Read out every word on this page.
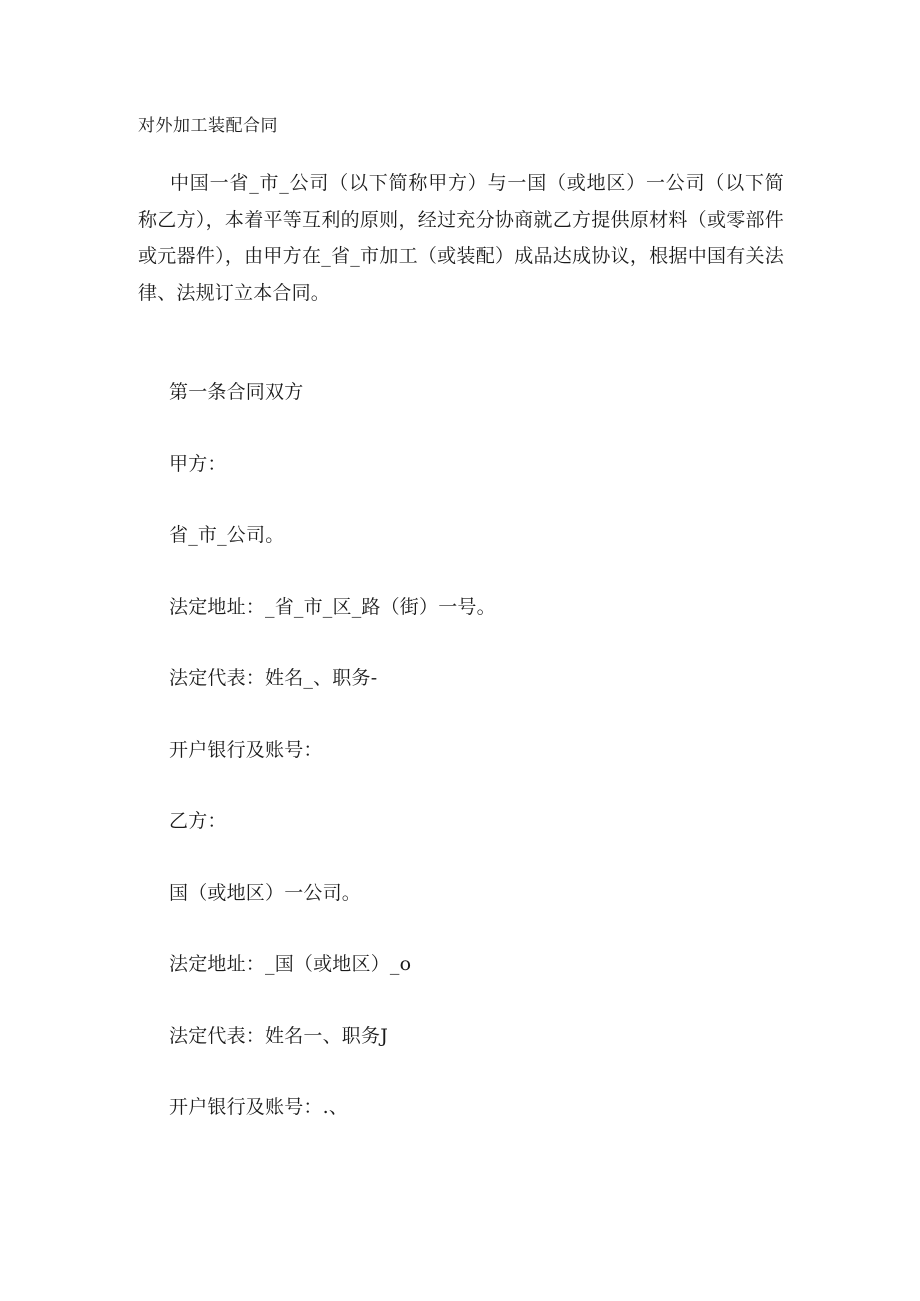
对外加工装配合同

中国一省_市_公司（以下简称甲方）与一国（或地区）一公司（以下简称乙方），本着平等互利的原则，经过充分协商就乙方提供原材料（或零部件或元器件），由甲方在_省_市加工（或装配）成品达成协议，根据中国有关法律、法规订立本合同。

第一条合同双方

甲方：

省_市_公司。

法定地址：_省_市_区_路（街）一号。

法定代表：姓名_、职务-

开户银行及账号：

乙方：

国（或地区）一公司。

法定地址：_国（或地区）_o

法定代表：姓名一、职务J

开户银行及账号：.、
